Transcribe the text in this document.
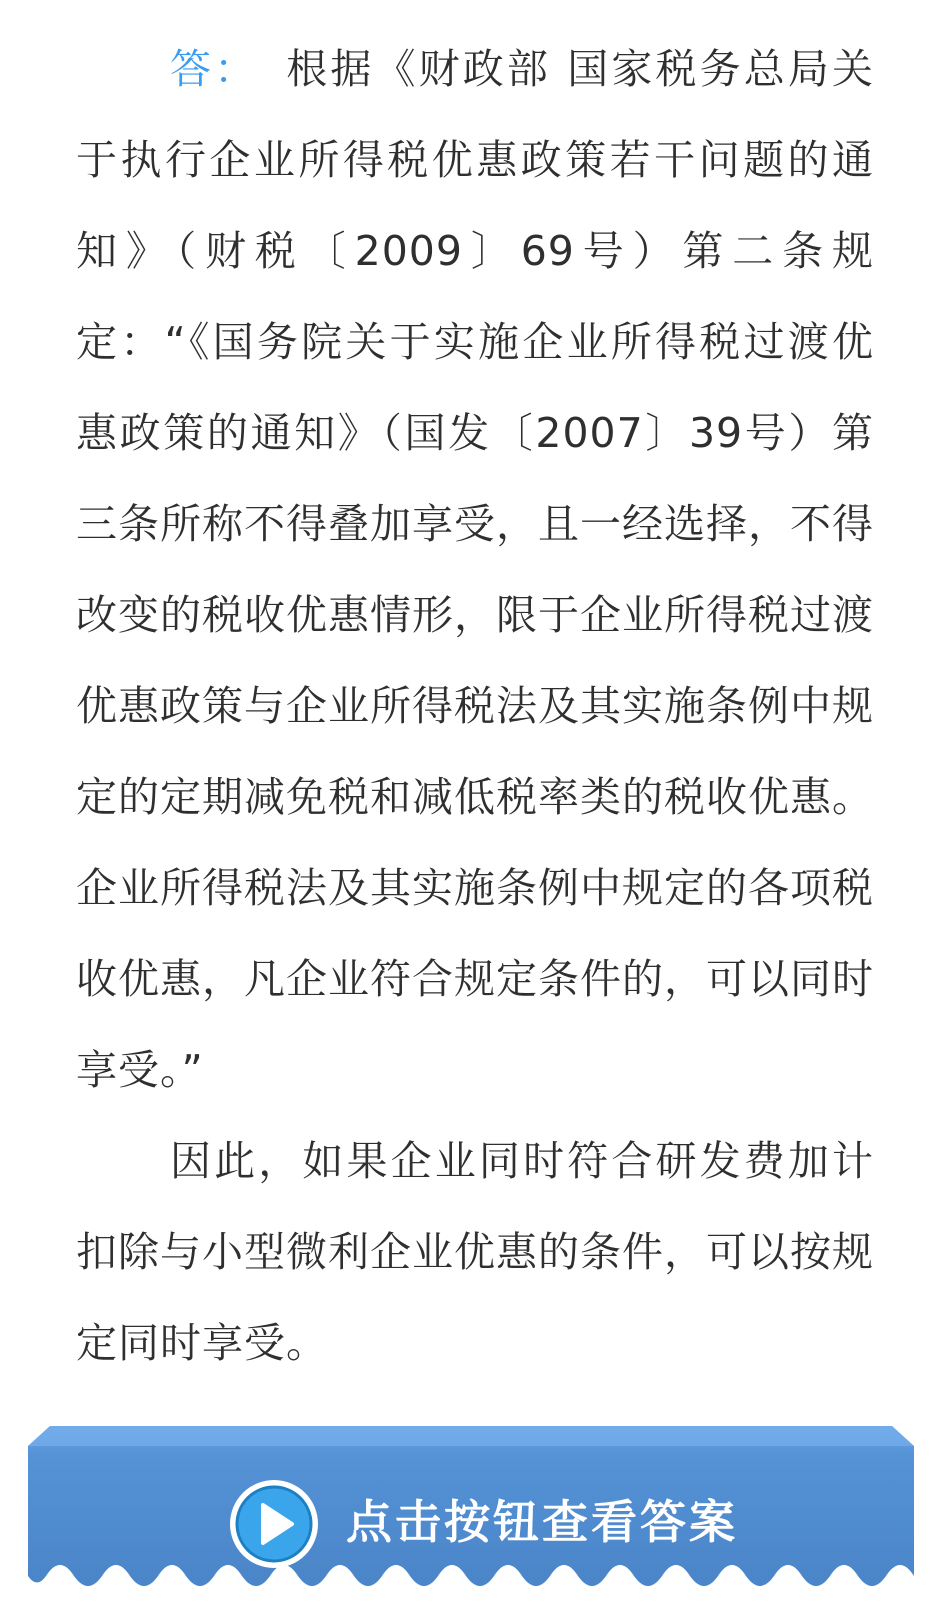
答： 根据《财政部 国家税务总局关于执行企业所得税优惠政策若干问题的通知》（财税〔2009〕69号）第二条规定：“《国务院关于实施企业所得税过渡优惠政策的通知》（国发〔2007〕39号）第三条所称不得叠加享受，且一经选择，不得改变的税收优惠情形，限于企业所得税过渡优惠政策与企业所得税法及其实施条例中规定的定期减免税和减低税率类的税收优惠。企业所得税法及其实施条例中规定的各项税收优惠，凡企业符合规定条件的，可以同时享受。”

因此，如果企业同时符合研发费加计扣除与小型微利企业优惠的条件，可以按规定同时享受。

点击按钮查看答案
